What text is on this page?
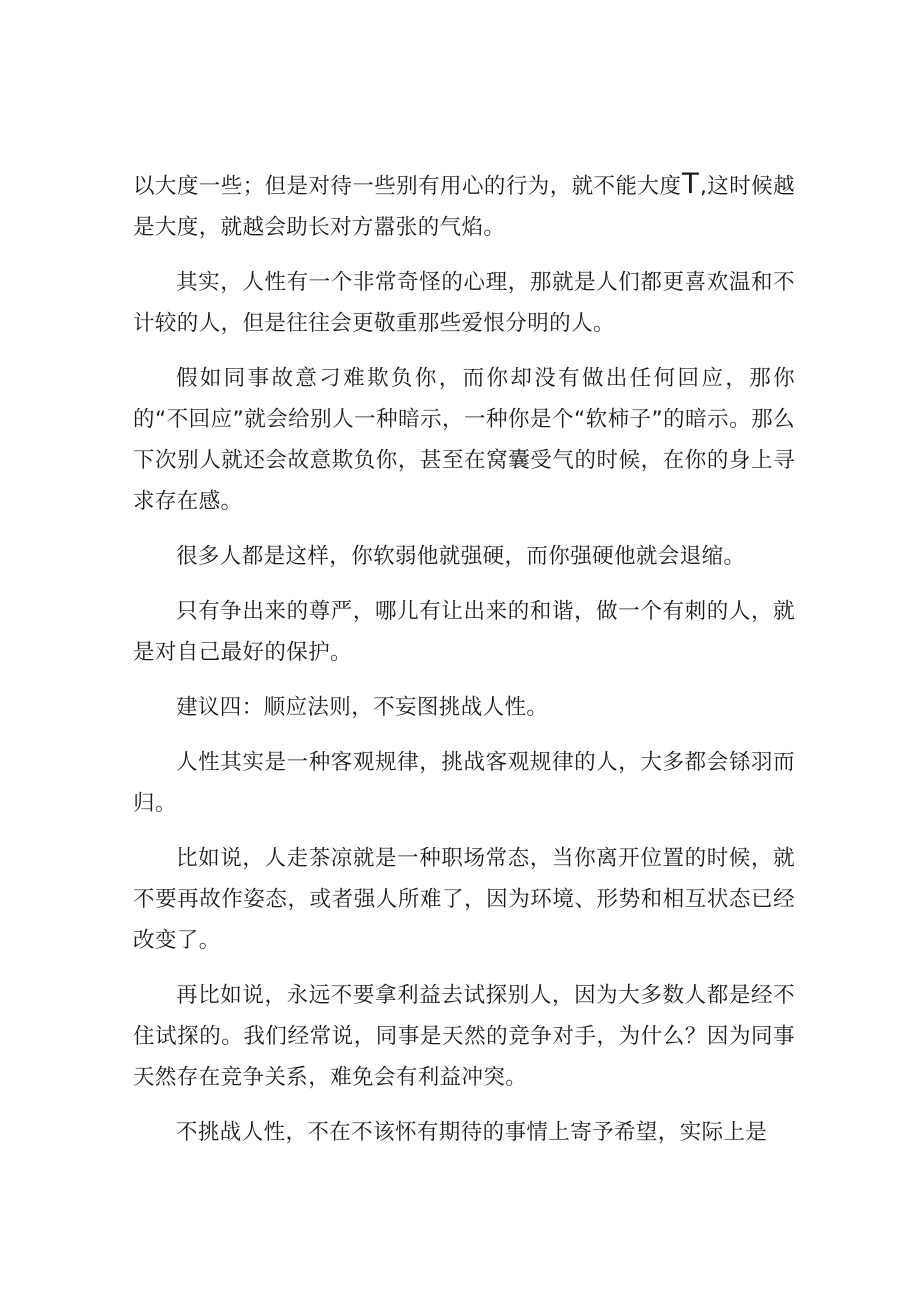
以大度一些；但是对待一些别有用心的行为，就不能大度T,这时候越是大度，就越会助长对方嚣张的气焰。

其实，人性有一个非常奇怪的心理，那就是人们都更喜欢温和不计较的人，但是往往会更敬重那些爱恨分明的人。

假如同事故意刁难欺负你，而你却没有做出任何回应，那你的“不回应”就会给别人一种暗示，一种你是个“软柿子”的暗示。那么下次别人就还会故意欺负你，甚至在窝囊受气的时候，在你的身上寻求存在感。

很多人都是这样，你软弱他就强硬，而你强硬他就会退缩。

只有争出来的尊严，哪儿有让出来的和谐，做一个有刺的人，就是对自己最好的保护。

建议四：顺应法则，不妄图挑战人性。

人性其实是一种客观规律，挑战客观规律的人，大多都会铩羽而归。

比如说，人走茶凉就是一种职场常态，当你离开位置的时候，就不要再故作姿态，或者强人所难了，因为环境、形势和相互状态已经改变了。

再比如说，永远不要拿利益去试探别人，因为大多数人都是经不住试探的。我们经常说，同事是天然的竞争对手，为什么？因为同事天然存在竞争关系，难免会有利益冲突。

不挑战人性，不在不该怀有期待的事情上寄予希望，实际上是
